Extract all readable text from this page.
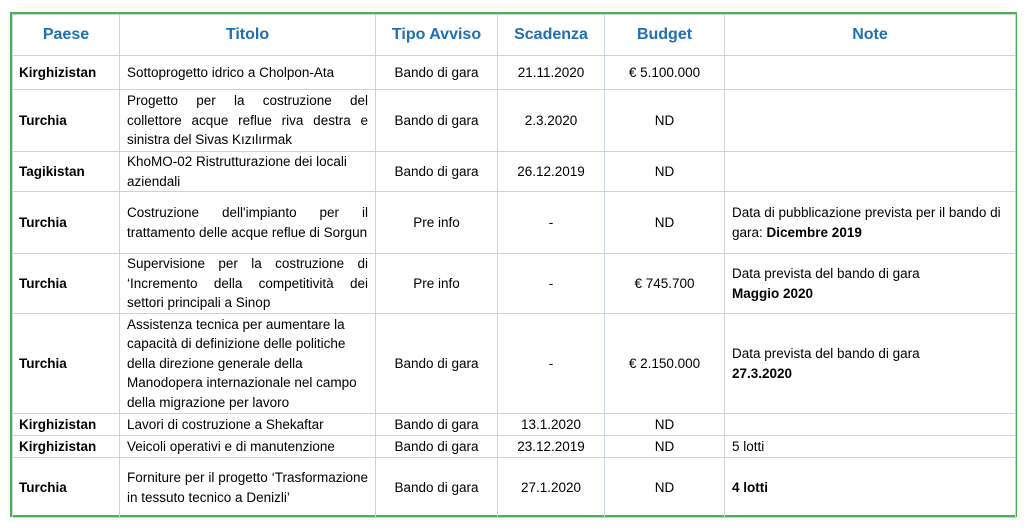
Paese	Titolo	Tipo Avviso	Scadenza	Budget	Note
Kirghizistan	Sottoprogetto idrico a Cholpon-Ata	Bando di gara	21.11.2020	€ 5.100.000	
Turchia	Progetto per la costruzione del collettore acque reflue riva destra e sinistra del Sivas Kızılırmak	Bando di gara	2.3.2020	ND	
Tagikistan	KhoMO-02 Ristrutturazione dei locali aziendali	Bando di gara	26.12.2019	ND	
Turchia	Costruzione dell'impianto per il trattamento delle acque reflue di Sorgun	Pre info	-	ND	Data di pubblicazione prevista per il bando di gara: Dicembre 2019
Turchia	Supervisione per la costruzione di ‘Incremento della competitività dei settori principali a Sinop	Pre info	-	€ 745.700	Data prevista del bando di gara
Maggio 2020
Turchia	Assistenza tecnica per aumentare la capacità di definizione delle politiche della direzione generale della Manodopera internazionale nel campo della migrazione per lavoro	Bando di gara	-	€ 2.150.000	Data prevista del bando di gara
27.3.2020
Kirghizistan	Lavori di costruzione a Shekaftar	Bando di gara	13.1.2020	ND	
Kirghizistan	Veicoli operativi e di manutenzione	Bando di gara	23.12.2019	ND	5 lotti
Turchia	Forniture per il progetto ‘Trasformazione in tessuto tecnico a Denizli’	Bando di gara	27.1.2020	ND	4 lotti
